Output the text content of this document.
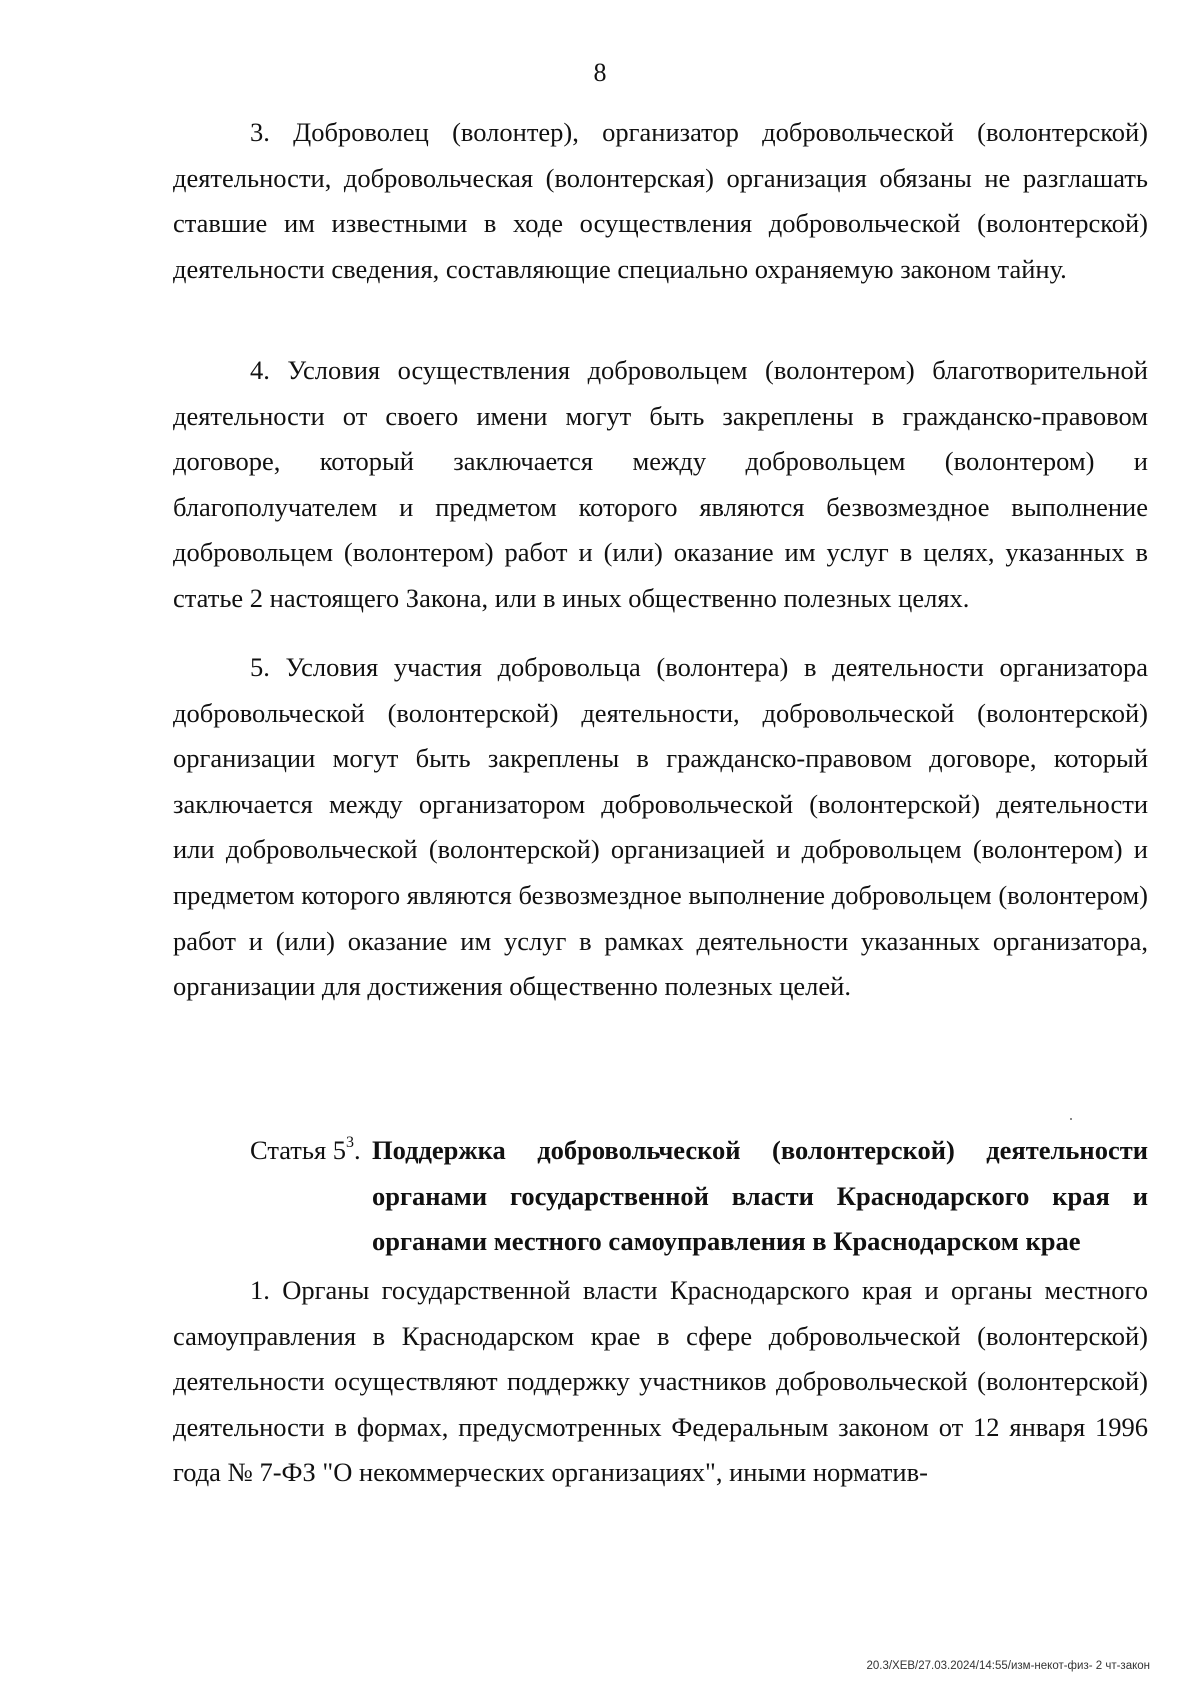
8

3. Доброволец (волонтер), организатор добровольческой (волонтерской) деятельности, добровольческая (волонтерская) организация обязаны не разглашать ставшие им известными в ходе осуществления добровольческой (волонтерской) деятельности сведения, составляющие специально охраняемую законом тайну.

4. Условия осуществления добровольцем (волонтером) благотворительной деятельности от своего имени могут быть закреплены в гражданско-правовом договоре, который заключается между добровольцем (волонтером) и благополучателем и предметом которого являются безвозмездное выполнение добровольцем (волонтером) работ и (или) оказание им услуг в целях, указанных в статье 2 настоящего Закона, или в иных общественно полезных целях.

5. Условия участия добровольца (волонтера) в деятельности организатора добровольческой (волонтерской) деятельности, добровольческой (волонтерской) организации могут быть закреплены в гражданско-правовом договоре, который заключается между организатором добровольческой (волонтерской) деятельности или добровольческой (волонтерской) организацией и добровольцем (волонтером) и предметом которого являются безвозмездное выполнение добровольцем (волонтером) работ и (или) оказание им услуг в рамках деятельности указанных организатора, организации для достижения общественно полезных целей.

Статья $5^3$. Поддержка добровольческой (волонтерской) деятельности органами государственной власти Краснодарского края и органами местного самоуправления в Краснодарском крае

1. Органы государственной власти Краснодарского края и органы местного самоуправления в Краснодарском крае в сфере добровольческой (волонтерской) деятельности осуществляют поддержку участников добровольческой (волонтерской) деятельности в формах, предусмотренных Федеральным законом от 12 января 1996 года № 7-ФЗ "О некоммерческих организациях", иными норматив-

20.3/ХЕВ/27.03.2024/14:55/изм-некот-физ- 2 чт-закон
